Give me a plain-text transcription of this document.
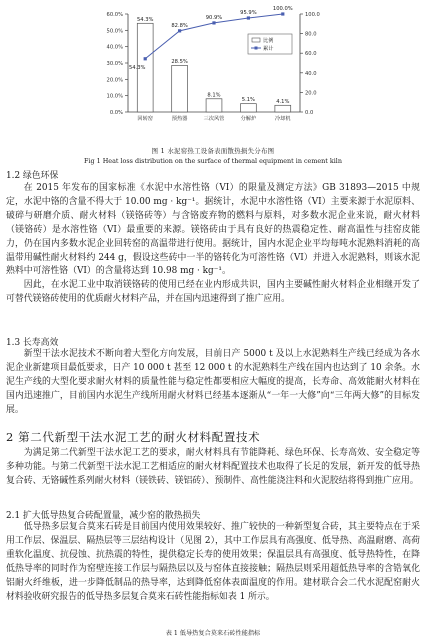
0.0%
10.0%
20.0%
30.0%
40.0%
50.0%
60.0%
0.0
20.0
40.0
60.0
80.0
100.0
54.3%
回转窑
28.5%
预热器
8.1%
三次风管
5.1%
分解炉
4.1%
冷却机
54.3%
82.8%
90.9%
95.9%
100.0%
比例
累计
图 1 水泥窑热工设备表面散热损失分布图
Fig 1 Heat loss distribution on the surface of thermal equipment in cement kiln
1.2 绿色环保

在 2015 年发布的国家标准《水泥中水溶性铬（VI）的限量及测定方法》GB 31893—2015 中规定，水泥中铬的含量不得大于 10.00 mg · kg⁻¹。据统计，水泥中水溶性铬（VI）主要来源于水泥原料、破碎与研磨介质、耐火材料（镁铬砖等）与含铬废弃物的燃料与原料，对多数水泥企业来说，耐火材料（镁铬砖）是水溶性铬（VI）最重要的来源。镁铬砖由于具有良好的热震稳定性、耐高温性与挂窑皮能力，仍在国内多数水泥企业回转窑的高温带进行使用。据统计，国内水泥企业平均每吨水泥熟料消耗的高温带用碱性耐火材料约 244 g，假设这些砖中一半的铬转化为可溶性铬（VI）并进入水泥熟料，则该水泥熟料中可溶性铬（VI）的含量将达到 10.98 mg · kg⁻¹。

因此，在水泥工业中取消镁铬砖的使用已经在业内形成共识，国内主要碱性耐火材料企业相继开发了可替代镁铬砖使用的优质耐火材料产品，并在国内迅速得到了推广应用。

1.3 长寿高效

新型干法水泥技术不断向着大型化方向发展，目前日产 5000 t 及以上水泥熟料生产线已经成为各水泥企业新建项目最低要求，日产 10 000 t 甚至 12 000 t 的水泥熟料生产线在国内也达到了 10 余条。水泥生产线的大型化要求耐火材料的质量性能与稳定性都要相应大幅度的提高，长寿命、高效能耐火材料在国内迅速推广，目前国内水泥生产线所用耐火材料已经基本逐渐从“一年一大修”向“三年两大修”的目标发展。

2 第二代新型干法水泥工艺的耐火材料配置技术

为满足第二代新型干法水泥工艺的要求，耐火材料具有节能降耗、绿色环保、长寿高效、安全稳定等多种功能。与第二代新型干法水泥工艺相适应的耐火材料配置技术也取得了长足的发展，新开发的低导热复合砖、无铬碱性系列耐火材料（镁铁砖、镁铝砖）、预制件、高性能浇注料和火泥胶结将得到推广应用。

2.1 扩大低导热复合砖配置量，减少窑的散热损失

低导热多层复合莫来石砖是目前国内使用效果较好、推广较快的一种新型复合砖，其主要特点在于采用工作层、保温层、隔热层等三层结构设计（见图 2），其中工作层具有高强度、低导热、高温耐磨、高荷重软化温度、抗侵蚀、抗热震的特性，提供稳定长寿的使用效果；保温层具有高强度、低导热特性，在降低热导率的同时作为窑壁连接工作层与隔热层以及与窑体直接接触；隔热层则采用超低热导率的含锆氧化铝耐火纤维板，进一步降低制品的热导率，达到降低窑体表面温度的作用。建材联合会二代水泥配窑耐火材料验收研究报告的低导热多层复合莫来石砖性能指标如表 1 所示。

表 1 低导热复合莫来石砖性能指标
